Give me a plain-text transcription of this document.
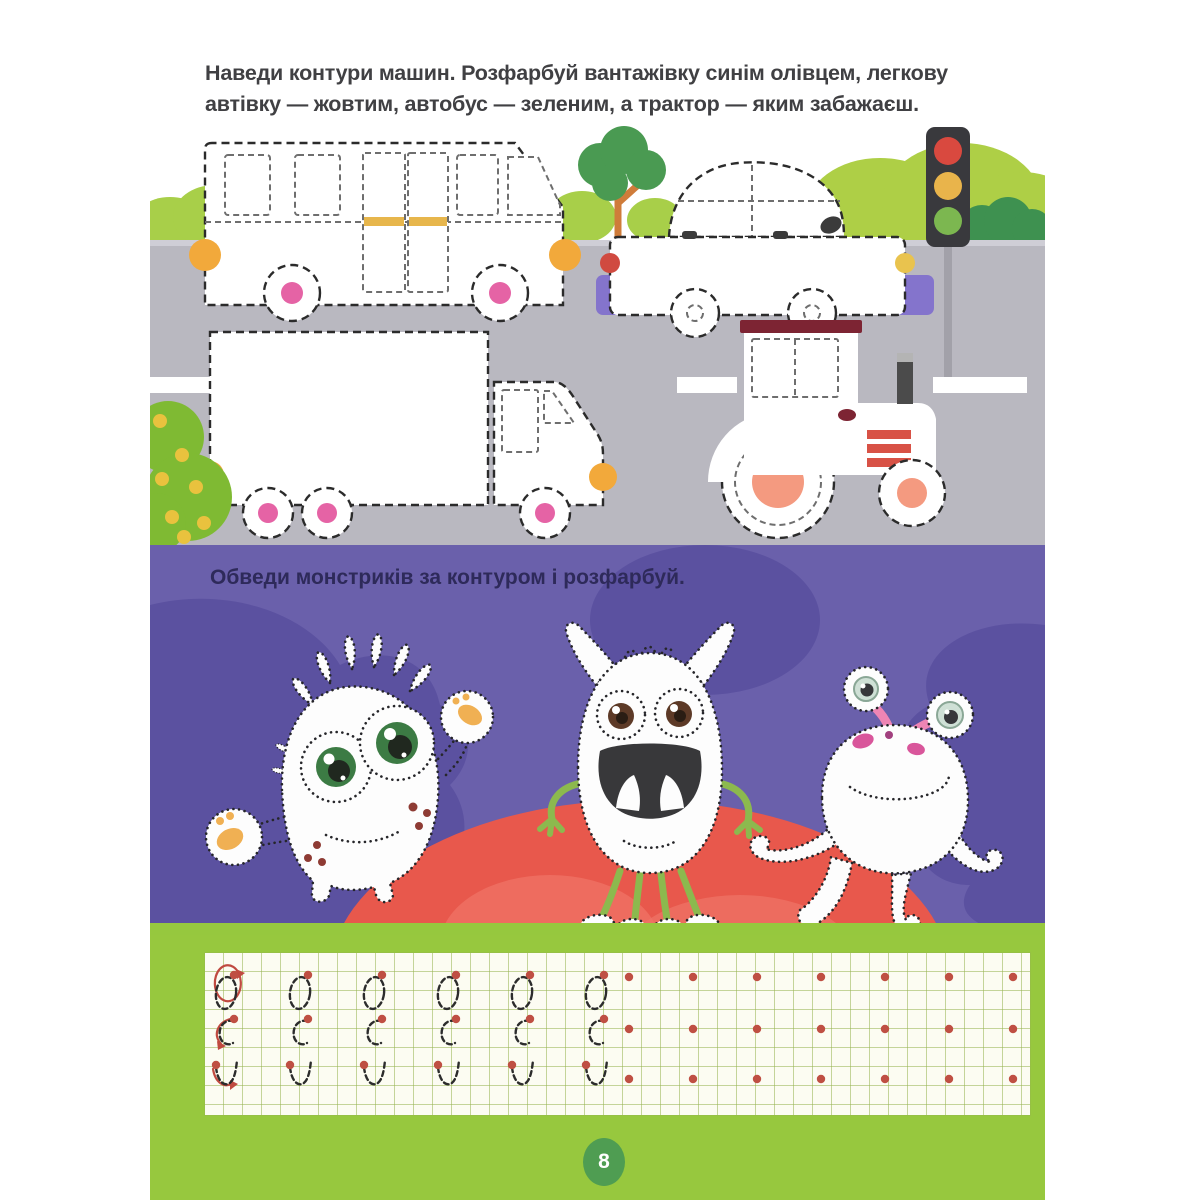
Наведи контури машин. Розфарбуй вантажівку синім олівцем, легкову автівку — жовтим, автобус — зеленим, а трактор — яким забажаєш.
Обведи монстриків за контуром і розфарбуй.
8
